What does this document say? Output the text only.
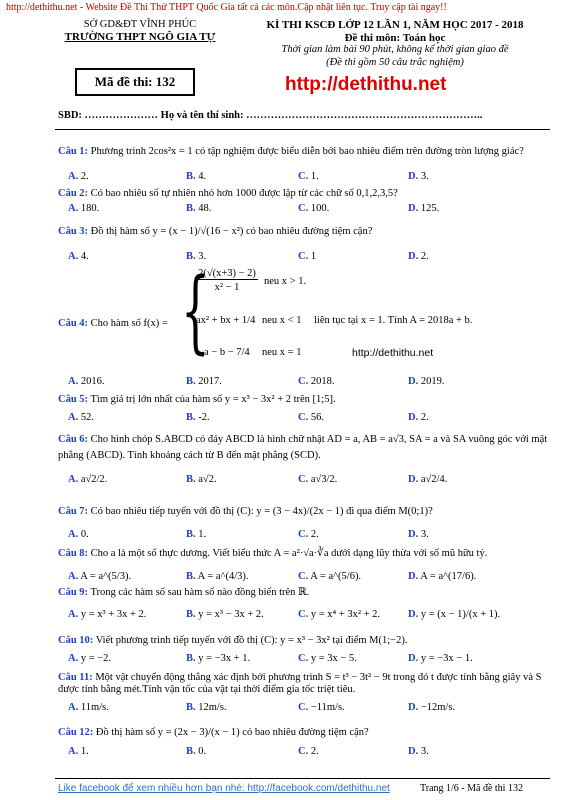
http://dethithu.net - Website Đề Thi Thử THPT Quốc Gia tất cả các môn.Cập nhật liên tục. Truy cập tài ngay!!
SỞ GD&ĐT VĨNH PHÚC
TRƯỜNG THPT NGÔ GIA TỰ
KÌ THI KSCĐ LỚP 12 LẦN 1, NĂM HỌC 2017 - 2018
Đề thi môn: Toán học
Thời gian làm bài 90 phút, không kể thời gian giao đề
(Đề thi gồm 50 câu trắc nghiệm)
Mã đề thi: 132	http://dethithu.net
SBD: ………………… Họ và tên thí sinh: …………………………………………………………..
Câu 1: Phương trình 2cos²x = 1 có tập nghiệm được biểu diễn bởi bao nhiêu điểm trên đường tròn lượng giác?
A. 2.	B. 4.	C. 1.	D. 3.
Câu 2: Có bao nhiêu số tự nhiên nhỏ hơn 1000 được lập từ các chữ số 0,1,2,3,5?
A. 180.	B. 48.	C. 100.	D. 125.
Câu 3: Đồ thị hàm số y = (x − 1)/√(16 − x²) có bao nhiêu đường tiệm cận?
A. 4.	B. 3.	C. 1	D. 2.
Câu 4: Cho hàm số f(x) = {
2(√(x+3) − 2)
x² − 1
neu x > 1.
ax² + bx + 1/4 neu x < 1 liên tục tại x = 1. Tính A = 2018a + b.
a − b − 7/4 neu x = 1	http://dethithu.net
A. 2016.	B. 2017.	C. 2018.	D. 2019.
Câu 5: Tìm giá trị lớn nhất của hàm số y = x³ − 3x² + 2 trên [1;5].
A. 52.	B. -2.	C. 56.	D. 2.
Câu 6: Cho hình chóp S.ABCD có đáy ABCD là hình chữ nhật AD = a, AB = a√3, SA = a và SA vuông góc với mặt phẳng (ABCD). Tính khoảng cách từ B đến mặt phẳng (SCD).
A. a√2/2.	B. a√2.	C. a√3/2.	D. a√2/4.
Câu 7: Có bao nhiêu tiếp tuyến với đồ thị (C): y = (3 − 4x)/(2x − 1) đi qua điểm M(0;1)?
A. 0.	B. 1.	C. 2.	D. 3.
Câu 8: Cho a là một số thực dương. Viết biểu thức A = a²·√a·∛a dưới dạng lũy thừa với số mũ hữu tỷ.
A. A = a^(5/3).	B. A = a^(4/3).	C. A = a^(5/6).	D. A = a^(17/6).
Câu 9: Trong các hàm số sau hàm số nào đồng biến trên ℝ.
A. y = x³ + 3x + 2.	B. y = x³ − 3x + 2.	C. y = x⁴ + 3x² + 2.	D. y = (x − 1)/(x + 1).
Câu 10: Viết phương trình tiếp tuyến với đồ thị (C): y = x³ − 3x² tại điểm M(1;−2).
A. y = −2.	B. y = −3x + 1.	C. y = 3x − 5.	D. y = −3x − 1.
Câu 11: Một vật chuyển động thẳng xác định bởi phương trình S = t³ − 3t² − 9t trong đó t được tính bằng giây và S được tính bằng mét.Tính vận tốc của vật tại thời điểm gia tốc triệt tiêu.
A. 11m/s.	B. 12m/s.	C. −11m/s.	D. −12m/s.
Câu 12: Đồ thị hàm số y = (2x − 3)/(x − 1) có bao nhiêu đường tiệm cận?
A. 1.	B. 0.	C. 2.	D. 3.
Like facebook để xem nhiều hơn bạn nhé: http://facebook.com/dethithu.net	Trang 1/6 - Mã đề thi 132
